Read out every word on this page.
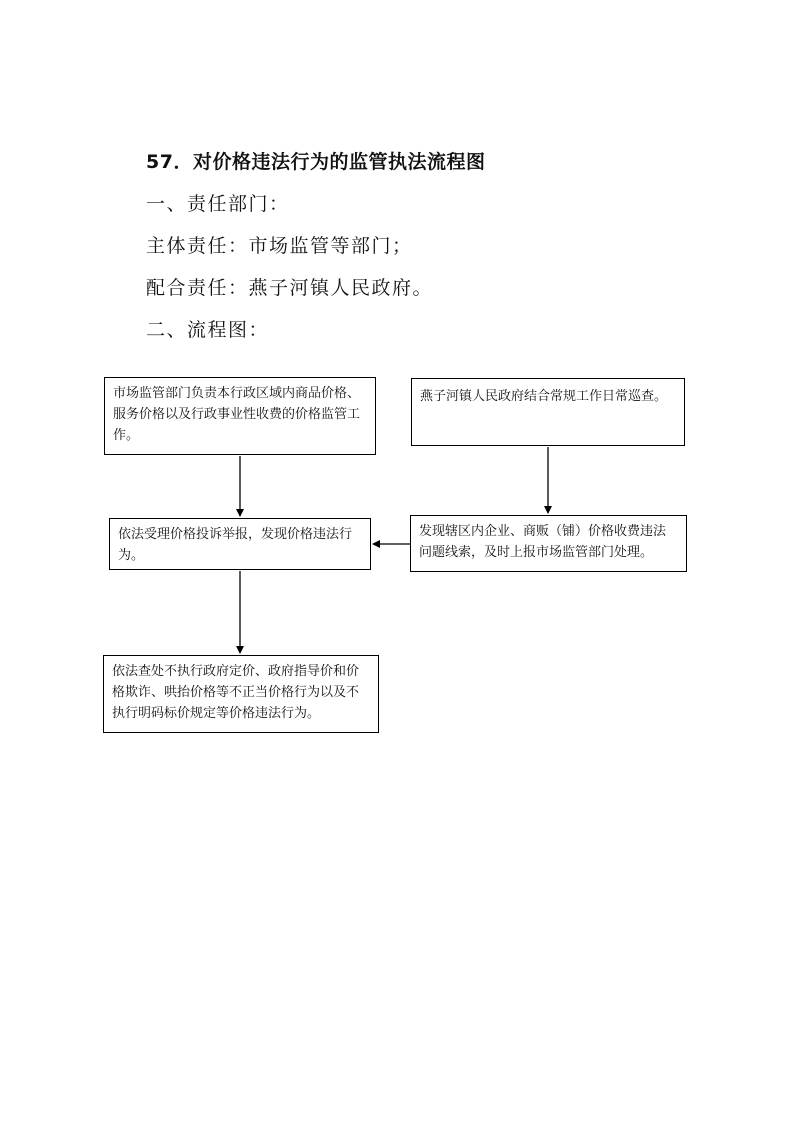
57．对价格违法行为的监管执法流程图
一、责任部门：
主体责任：市场监管等部门；
配合责任：燕子河镇人民政府。
二、流程图：
市场监管部门负责本行政区域内商品价格、服务价格以及行政事业性收费的价格监管工作。
燕子河镇人民政府结合常规工作日常巡查。
依法受理价格投诉举报，发现价格违法行为。
发现辖区内企业、商贩（铺）价格收费违法问题线索，及时上报市场监管部门处理。
依法查处不执行政府定价、政府指导价和价格欺诈、哄抬价格等不正当价格行为以及不执行明码标价规定等价格违法行为。
